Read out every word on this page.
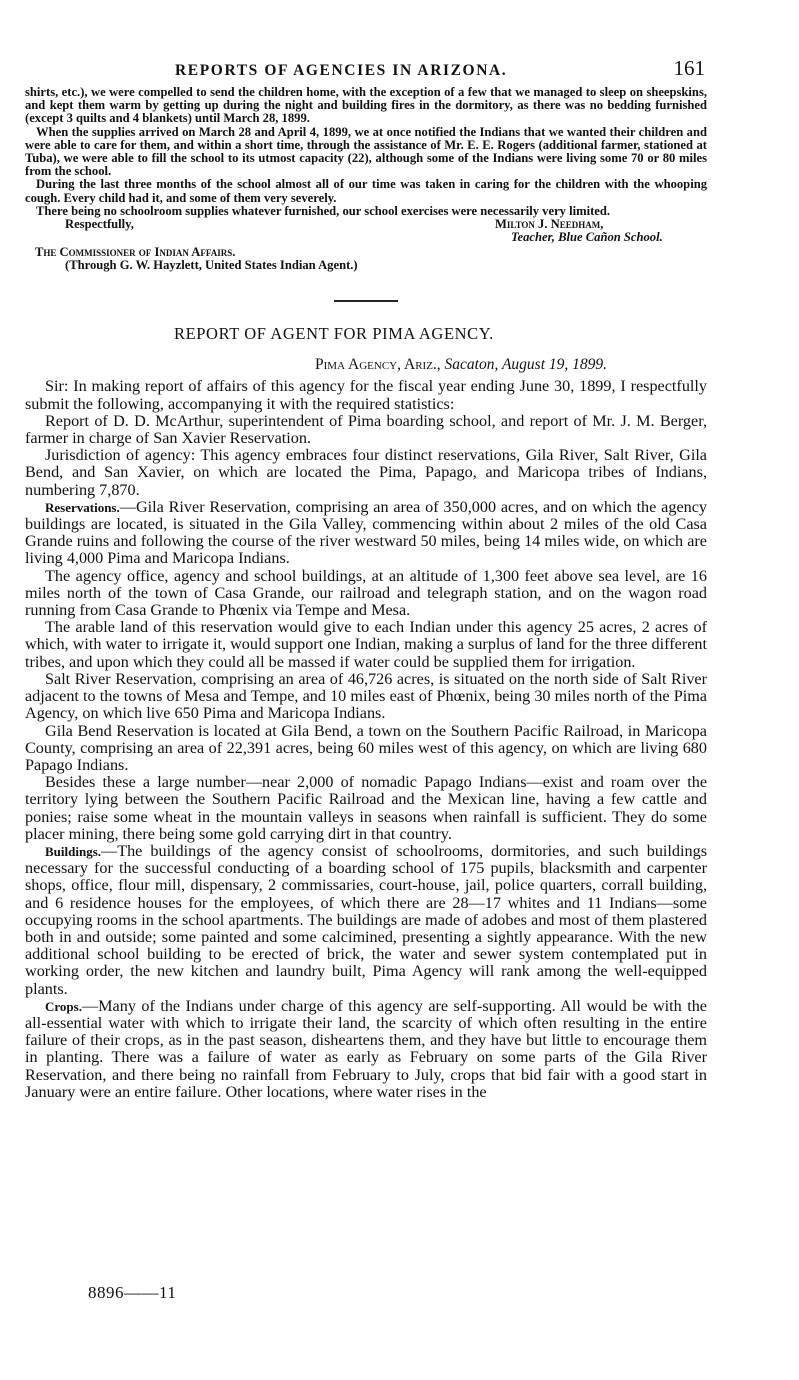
REPORTS OF AGENCIES IN ARIZONA.	161

shirts, etc.), we were compelled to send the children home, with the exception of a few that we managed to sleep on sheepskins, and kept them warm by getting up during the night and building fires in the dormitory, as there was no bedding furnished (except 3 quilts and 4 blankets) until March 28, 1899.

When the supplies arrived on March 28 and April 4, 1899, we at once notified the Indians that we wanted their children and were able to care for them, and within a short time, through the assistance of Mr. E. E. Rogers (additional farmer, stationed at Tuba), we were able to fill the school to its utmost capacity (22), although some of the Indians were living some 70 or 80 miles from the school.

During the last three months of the school almost all of our time was taken in caring for the children with the whooping cough. Every child had it, and some of them very severely.

There being no schoolroom supplies whatever furnished, our school exercises were necessarily very limited.

Respectfully,	Milton J. Needham,
Teacher, Blue Cañon School.
The Commissioner of Indian Affairs.
(Through G. W. Hayzlett, United States Indian Agent.)
REPORT OF AGENT FOR PIMA AGENCY.
Pima Agency, Ariz., Sacaton, August 19, 1899.

Sir: In making report of affairs of this agency for the fiscal year ending June 30, 1899, I respectfully submit the following, accompanying it with the required statistics:

Report of D. D. McArthur, superintendent of Pima boarding school, and report of Mr. J. M. Berger, farmer in charge of San Xavier Reservation.

Jurisdiction of agency: This agency embraces four distinct reservations, Gila River, Salt River, Gila Bend, and San Xavier, on which are located the Pima, Papago, and Maricopa tribes of Indians, numbering 7,870.

Reservations.—Gila River Reservation, comprising an area of 350,000 acres, and on which the agency buildings are located, is situated in the Gila Valley, commencing within about 2 miles of the old Casa Grande ruins and following the course of the river westward 50 miles, being 14 miles wide, on which are living 4,000 Pima and Maricopa Indians.

The agency office, agency and school buildings, at an altitude of 1,300 feet above sea level, are 16 miles north of the town of Casa Grande, our railroad and telegraph station, and on the wagon road running from Casa Grande to Phœnix via Tempe and Mesa.

The arable land of this reservation would give to each Indian under this agency 25 acres, 2 acres of which, with water to irrigate it, would support one Indian, making a surplus of land for the three different tribes, and upon which they could all be massed if water could be supplied them for irrigation.

Salt River Reservation, comprising an area of 46,726 acres, is situated on the north side of Salt River adjacent to the towns of Mesa and Tempe, and 10 miles east of Phœnix, being 30 miles north of the Pima Agency, on which live 650 Pima and Maricopa Indians.

Gila Bend Reservation is located at Gila Bend, a town on the Southern Pacific Railroad, in Maricopa County, comprising an area of 22,391 acres, being 60 miles west of this agency, on which are living 680 Papago Indians.

Besides these a large number—near 2,000 of nomadic Papago Indians—exist and roam over the territory lying between the Southern Pacific Railroad and the Mexican line, having a few cattle and ponies; raise some wheat in the mountain valleys in seasons when rainfall is sufficient. They do some placer mining, there being some gold carrying dirt in that country.

Buildings.—The buildings of the agency consist of schoolrooms, dormitories, and such buildings necessary for the successful conducting of a boarding school of 175 pupils, blacksmith and carpenter shops, office, flour mill, dispensary, 2 commissaries, court-house, jail, police quarters, corrall building, and 6 residence houses for the employees, of which there are 28—17 whites and 11 Indians—some occupying rooms in the school apartments. The buildings are made of adobes and most of them plastered both in and outside; some painted and some calcimined, presenting a sightly appearance. With the new additional school building to be erected of brick, the water and sewer system contemplated put in working order, the new kitchen and laundry built, Pima Agency will rank among the well-equipped plants.

Crops.—Many of the Indians under charge of this agency are self-supporting. All would be with the all-essential water with which to irrigate their land, the scarcity of which often resulting in the entire failure of their crops, as in the past season, disheartens them, and they have but little to encourage them in planting. There was a failure of water as early as February on some parts of the Gila River Reservation, and there being no rainfall from February to July, crops that bid fair with a good start in January were an entire failure. Other locations, where water rises in the

8896——11
